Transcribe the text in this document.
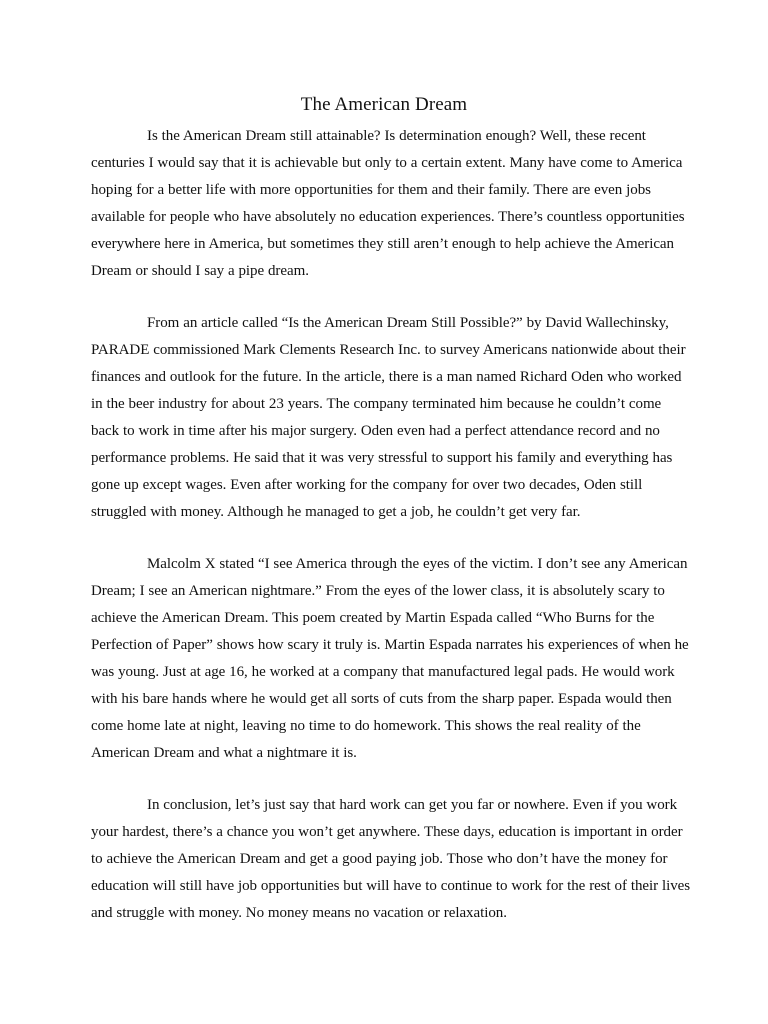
The American Dream

Is the American Dream still attainable? Is determination enough? Well, these recent centuries I would say that it is achievable but only to a certain extent. Many have come to America hoping for a better life with more opportunities for them and their family. There are even jobs available for people who have absolutely no education experiences. There’s countless opportunities everywhere here in America, but sometimes they still aren’t enough to help achieve the American Dream or should I say a pipe dream.

From an article called “Is the American Dream Still Possible?” by David Wallechinsky, PARADE commissioned Mark Clements Research Inc. to survey Americans nationwide about their finances and outlook for the future. In the article, there is a man named Richard Oden who worked in the beer industry for about 23 years. The company terminated him because he couldn’t come back to work in time after his major surgery. Oden even had a perfect attendance record and no performance problems. He said that it was very stressful to support his family and everything has gone up except wages. Even after working for the company for over two decades, Oden still struggled with money. Although he managed to get a job, he couldn’t get very far.

Malcolm X stated “I see America through the eyes of the victim. I don’t see any American Dream; I see an American nightmare.” From the eyes of the lower class, it is absolutely scary to achieve the American Dream. This poem created by Martin Espada called “Who Burns for the Perfection of Paper” shows how scary it truly is. Martin Espada narrates his experiences of when he was young. Just at age 16, he worked at a company that manufactured legal pads. He would work with his bare hands where he would get all sorts of cuts from the sharp paper. Espada would then come home late at night, leaving no time to do homework. This shows the real reality of the American Dream and what a nightmare it is.

In conclusion, let’s just say that hard work can get you far or nowhere. Even if you work your hardest, there’s a chance you won’t get anywhere. These days, education is important in order to achieve the American Dream and get a good paying job. Those who don’t have the money for education will still have job opportunities but will have to continue to work for the rest of their lives and struggle with money. No money means no vacation or relaxation.
